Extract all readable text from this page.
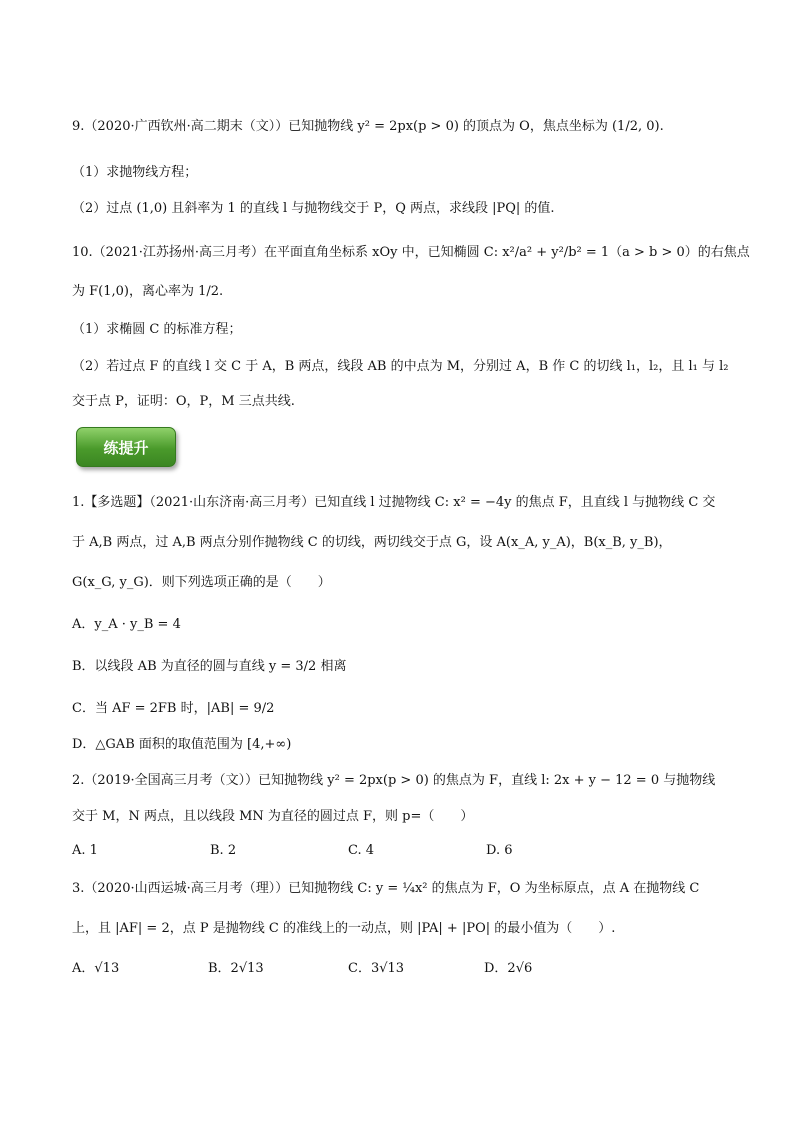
9.（2020·广西钦州·高二期末（文））已知抛物线 y² = 2px(p > 0) 的顶点为 O，焦点坐标为 (1/2, 0).
（1）求抛物线方程；
（2）过点 (1,0) 且斜率为 1 的直线 l 与抛物线交于 P，Q 两点，求线段 |PQ| 的值.
10.（2021·江苏扬州·高三月考）在平面直角坐标系 xOy 中，已知椭圆 C: x²/a² + y²/b² = 1（a > b > 0）的右焦点
为 F(1,0)，离心率为 1/2.
（1）求椭圆 C 的标准方程；
（2）若过点 F 的直线 l 交 C 于 A，B 两点，线段 AB 的中点为 M，分别过 A，B 作 C 的切线 l₁，l₂，且 l₁ 与 l₂
交于点 P，证明：O，P，M 三点共线.
练提升
1.【多选题】（2021·山东济南·高三月考）已知直线 l 过抛物线 C: x² = −4y 的焦点 F，且直线 l 与抛物线 C 交
于 A,B 两点，过 A,B 两点分别作抛物线 C 的切线，两切线交于点 G，设 A(x_A, y_A)，B(x_B, y_B)，
G(x_G, y_G)．则下列选项正确的是（　　）
A．y_A · y_B = 4
B．以线段 AB 为直径的圆与直线 y = 3/2 相离
C．当 AF = 2FB 时，|AB| = 9/2
D．△GAB 面积的取值范围为 [4,+∞)
2.（2019·全国高三月考（文））已知抛物线 y² = 2px(p > 0) 的焦点为 F，直线 l: 2x + y − 12 = 0 与抛物线
交于 M，N 两点，且以线段 MN 为直径的圆过点 F，则 p=（　　）
A. 1	B. 2	C. 4	D. 6
3.（2020·山西运城·高三月考（理））已知抛物线 C: y = ¼x² 的焦点为 F，O 为坐标原点，点 A 在抛物线 C
上，且 |AF| = 2，点 P 是抛物线 C 的准线上的一动点，则 |PA| + |PO| 的最小值为（　　）.
A．√13	B．2√13	C．3√13	D．2√6
